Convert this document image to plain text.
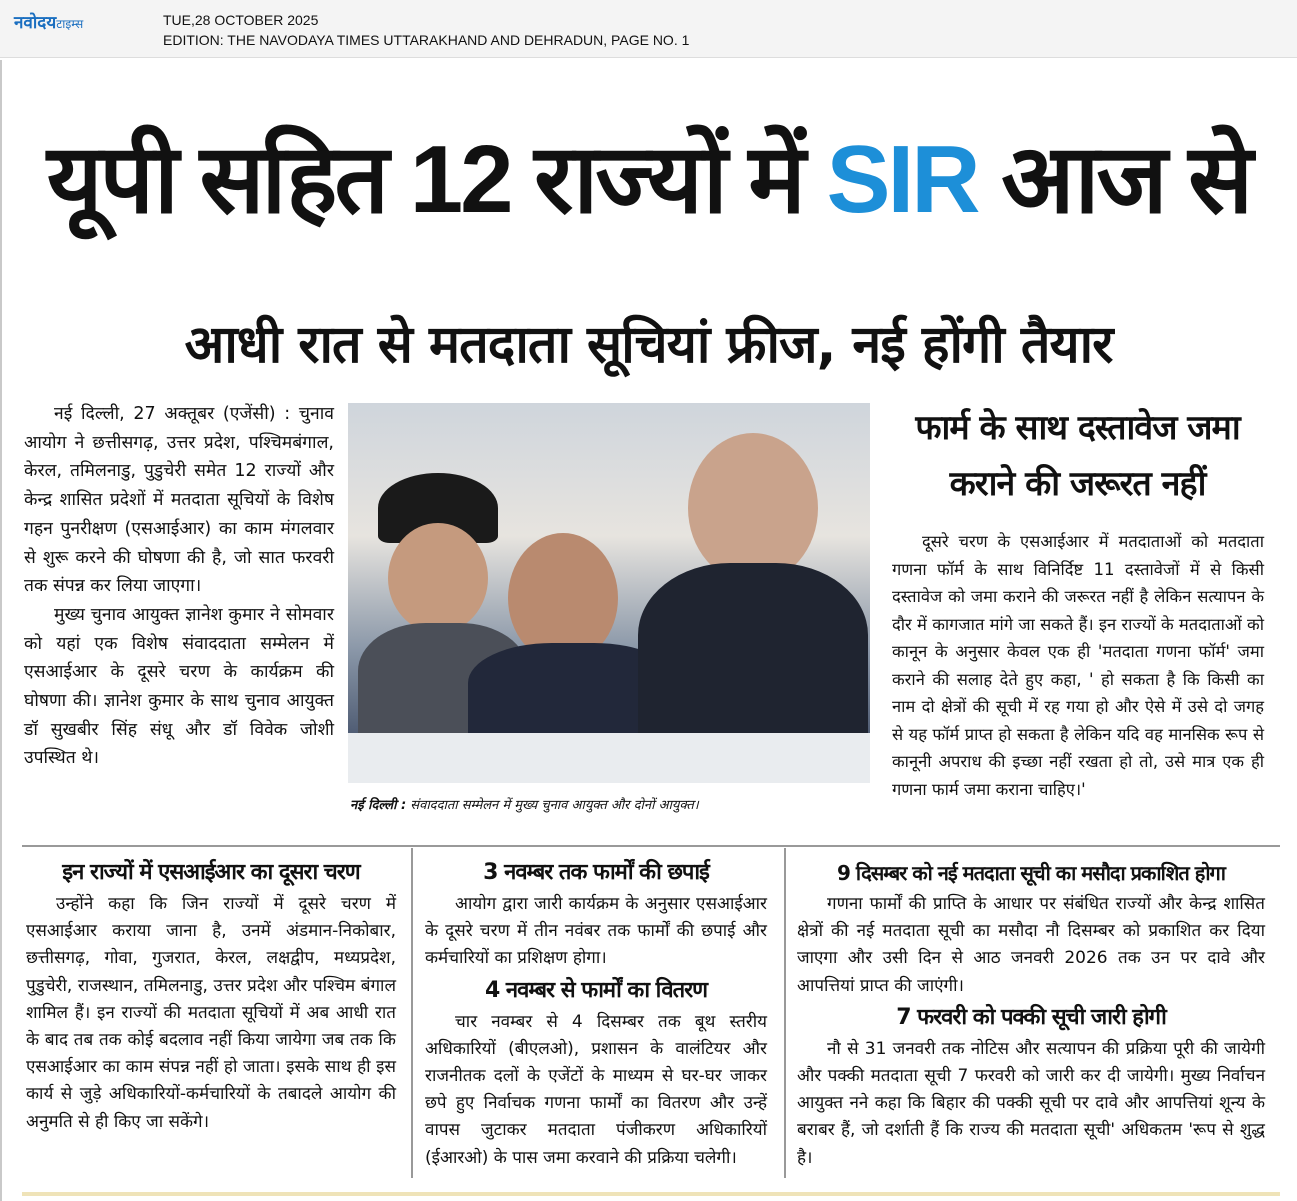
नवोदयटाइम्स	TUE,28 OCTOBER 2025
EDITION: THE NAVODAYA TIMES UTTARAKHAND AND DEHRADUN, PAGE NO. 1
यूपी सहित 12 राज्यों में SIR आज से
आधी रात से मतदाता सूचियां फ्रीज, नई होंगी तैयार

नई दिल्ली, 27 अक्तूबर (एजेंसी) : चुनाव आयोग ने छत्तीसगढ़, उत्तर प्रदेश, पश्चिमबंगाल, केरल, तमिलनाडु, पुडुचेरी समेत 12 राज्यों और केन्द्र शासित प्रदेशों में मतदाता सूचियों के विशेष गहन पुनरीक्षण (एसआईआर) का काम मंगलवार से शुरू करने की घोषणा की है, जो सात फरवरी तक संपन्न कर लिया जाएगा।

मुख्य चुनाव आयुक्त ज्ञानेश कुमार ने सोमवार को यहां एक विशेष संवाददाता सम्मेलन में एसआईआर के दूसरे चरण के कार्यक्रम की घोषणा की। ज्ञानेश कुमार के साथ चुनाव आयुक्त डॉ सुखबीर सिंह संधू और डॉ विवेक जोशी उपस्थित थे।

नई दिल्ली : संवाददाता सम्मेलन में मुख्य चुनाव आयुक्त और दोनों आयुक्त।
फार्म के साथ दस्तावेज जमा कराने की जरूरत नहीं
दूसरे चरण के एसआईआर में मतदाताओं को मतदाता गणना फॉर्म के साथ विनिर्दिष्ट 11 दस्तावेजों में से किसी दस्तावेज को जमा कराने की जरूरत नहीं है लेकिन सत्यापन के दौर में कागजात मांगे जा सकते हैं। इन राज्यों के मतदाताओं को कानून के अनुसार केवल एक ही 'मतदाता गणना फॉर्म' जमा कराने की सलाह देते हुए कहा, ' हो सकता है कि किसी का नाम दो क्षेत्रों की सूची में रह गया हो और ऐसे में उसे दो जगह से यह फॉर्म प्राप्त हो सकता है लेकिन यदि वह मानसिक रूप से कानूनी अपराध की इच्छा नहीं रखता हो तो, उसे मात्र एक ही गणना फार्म जमा कराना चाहिए।'
इन राज्यों में एसआईआर का दूसरा चरण
उन्होंने कहा कि जिन राज्यों में दूसरे चरण में एसआईआर कराया जाना है, उनमें अंडमान-निकोबार, छत्तीसगढ़, गोवा, गुजरात, केरल, लक्षद्वीप, मध्यप्रदेश, पुडुचेरी, राजस्थान, तमिलनाडु, उत्तर प्रदेश और पश्चिम बंगाल शामिल हैं। इन राज्यों की मतदाता सूचियों में अब आधी रात के बाद तब तक कोई बदलाव नहीं किया जायेगा जब तक कि एसआईआर का काम संपन्न नहीं हो जाता। इसके साथ ही इस कार्य से जुड़े अधिकारियों-कर्मचारियों के तबादले आयोग की अनुमति से ही किए जा सकेंगे।
3 नवम्बर तक फार्मों की छपाई
आयोग द्वारा जारी कार्यक्रम के अनुसार एसआईआर के दूसरे चरण में तीन नवंबर तक फार्मों की छपाई और कर्मचारियों का प्रशिक्षण होगा।
4 नवम्बर से फार्मों का वितरण
चार नवम्बर से 4 दिसम्बर तक बूथ स्तरीय अधिकारियों (बीएलओ), प्रशासन के वालंटियर और राजनीतक दलों के एजेंटों के माध्यम से घर-घर जाकर छपे हुए निर्वाचक गणना फार्मों का वितरण और उन्हें वापस जुटाकर मतदाता पंजीकरण अधिकारियों (ईआरओ) के पास जमा करवाने की प्रक्रिया चलेगी।
9 दिसम्बर को नई मतदाता सूची का मसौदा प्रकाशित होगा
गणना फार्मों की प्राप्ति के आधार पर संबंधित राज्यों और केन्द्र शासित क्षेत्रों की नई मतदाता सूची का मसौदा नौ दिसम्बर को प्रकाशित कर दिया जाएगा और उसी दिन से आठ जनवरी 2026 तक उन पर दावे और आपत्तियां प्राप्त की जाएंगी।
7 फरवरी को पक्की सूची जारी होगी
नौ से 31 जनवरी तक नोटिस और सत्यापन की प्रक्रिया पूरी की जायेगी और पक्की मतदाता सूची 7 फरवरी को जारी कर दी जायेगी। मुख्य निर्वाचन आयुक्त नने कहा कि बिहार की पक्की सूची पर दावे और आपत्तियां शून्य के बराबर हैं, जो दर्शाती हैं कि राज्य की मतदाता सूची' अधिकतम 'रूप से शुद्ध है।
